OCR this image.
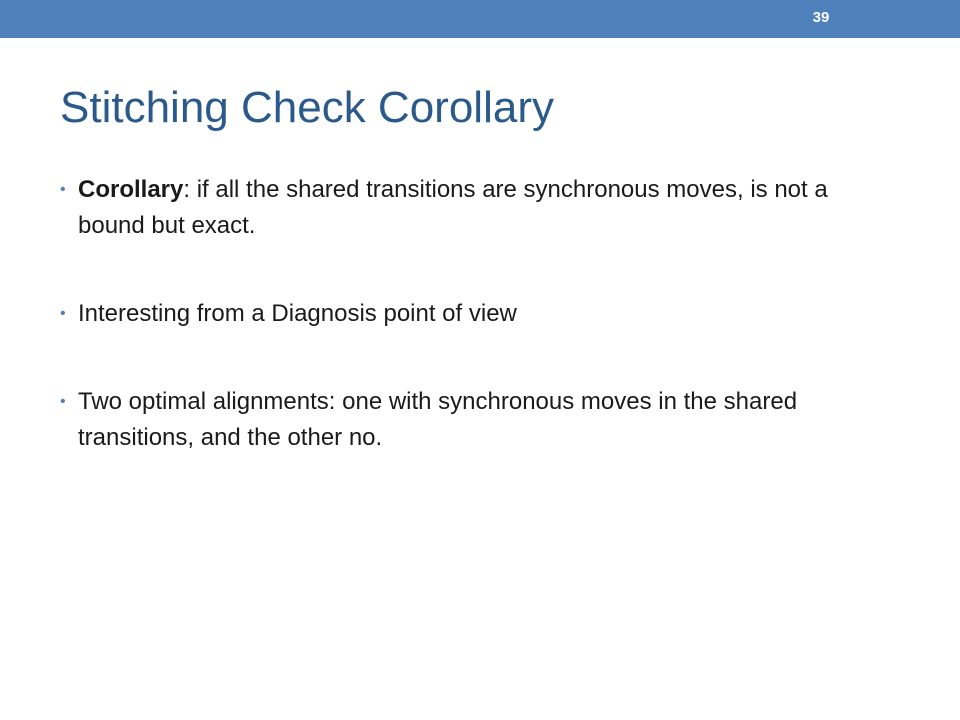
39
Stitching Check Corollary
• Corollary: if all the shared transitions are synchronous moves, is not a bound but exact.
• Interesting from a Diagnosis point of view
• Two optimal alignments: one with synchronous moves in the shared transitions, and the other no.
